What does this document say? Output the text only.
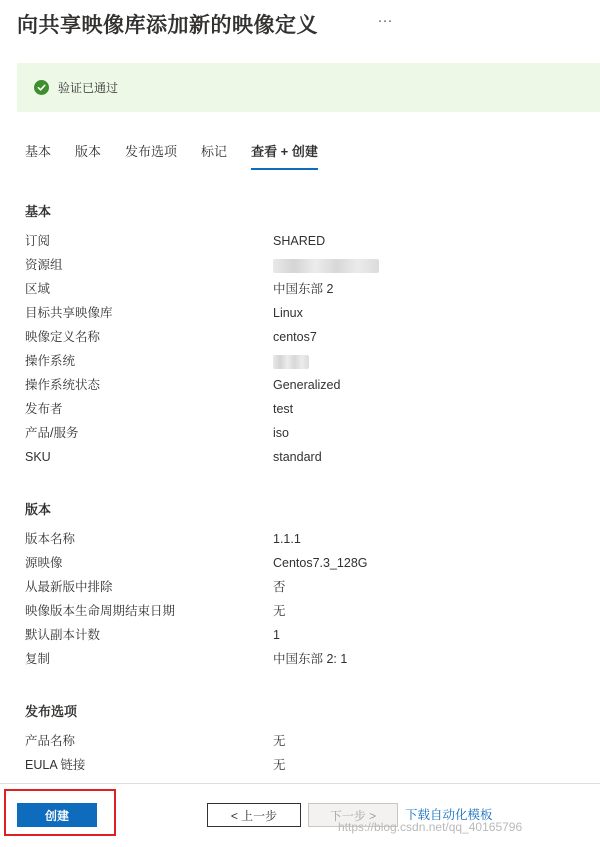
向共享映像库添加新的映像定义	···
验证已通过
基本 版本 发布选项 标记 查看 + 创建
基本
订阅	SHARED
资源组
区域	中国东部 2
目标共享映像库	Linux
映像定义名称	centos7
操作系统
操作系统状态	Generalized
发布者	test
产品/服务	iso
SKU	standard
版本
版本名称	1.1.1
源映像	Centos7.3_128G
从最新版中排除	否
映像版本生命周期结束日期	无
默认副本计数	1
复制	中国东部 2: 1
发布选项
产品名称	无
EULA 链接	无
创建	< 上一步	下一步 >	下载自动化模板
https://blog.csdn.net/qq_40165796
